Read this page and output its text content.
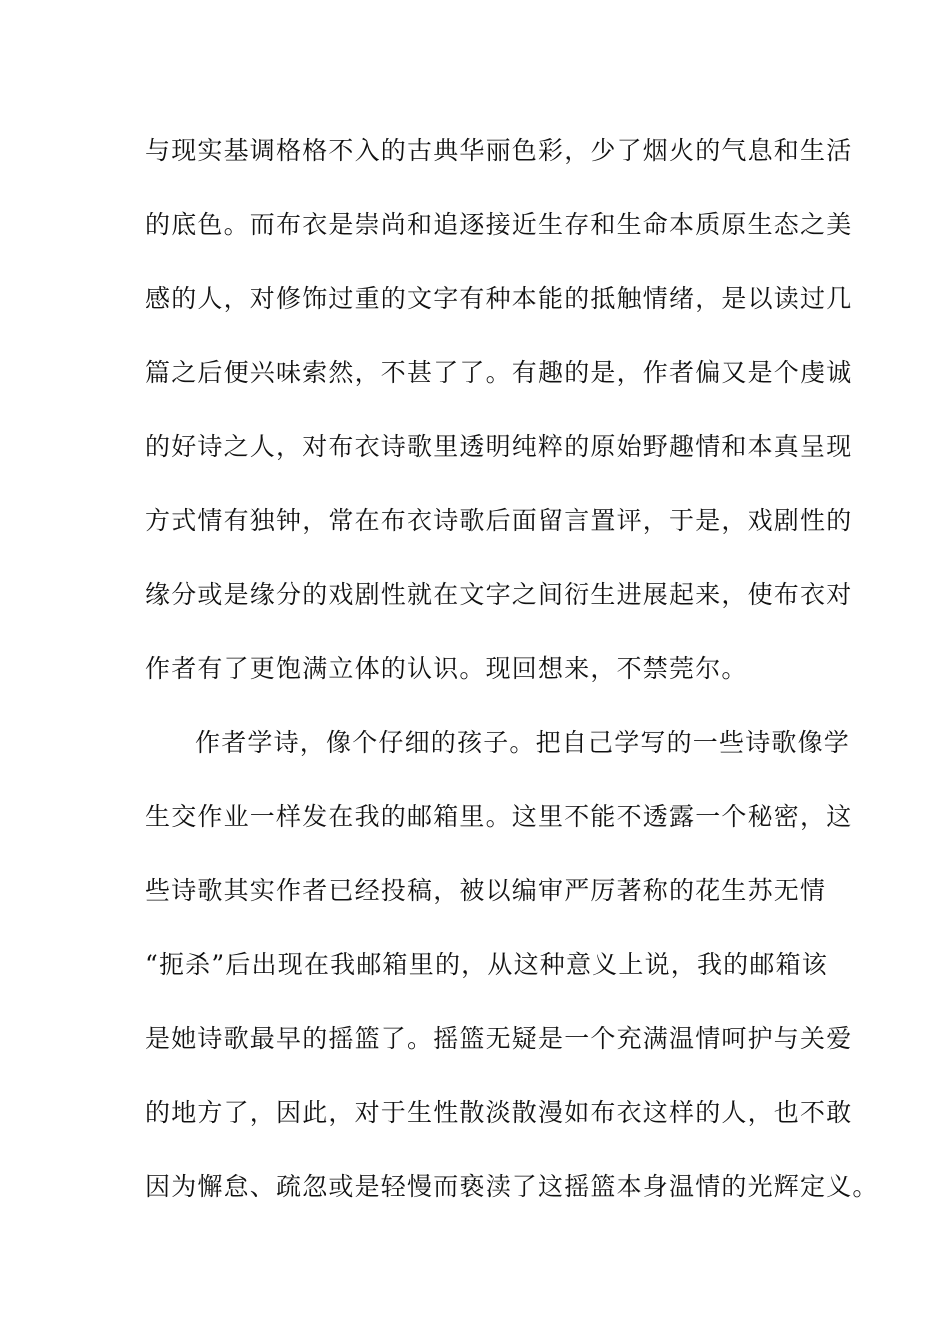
与现实基调格格不入的古典华丽色彩，少了烟火的气息和生活
的底色。而布衣是崇尚和追逐接近生存和生命本质原生态之美
感的人，对修饰过重的文字有种本能的抵触情绪，是以读过几
篇之后便兴味索然，不甚了了。有趣的是，作者偏又是个虔诚
的好诗之人，对布衣诗歌里透明纯粹的原始野趣情和本真呈现
方式情有独钟，常在布衣诗歌后面留言置评，于是，戏剧性的
缘分或是缘分的戏剧性就在文字之间衍生进展起来，使布衣对
作者有了更饱满立体的认识。现回想来，不禁莞尔。
作者学诗，像个仔细的孩子。把自己学写的一些诗歌像学
生交作业一样发在我的邮箱里。这里不能不透露一个秘密，这
些诗歌其实作者已经投稿，被以编审严厉著称的花生苏无情
“扼杀”后出现在我邮箱里的，从这种意义上说，我的邮箱该
是她诗歌最早的摇篮了。摇篮无疑是一个充满温情呵护与关爱
的地方了，因此，对于生性散淡散漫如布衣这样的人，也不敢
因为懈怠、疏忽或是轻慢而亵渎了这摇篮本身温情的光辉定义。
